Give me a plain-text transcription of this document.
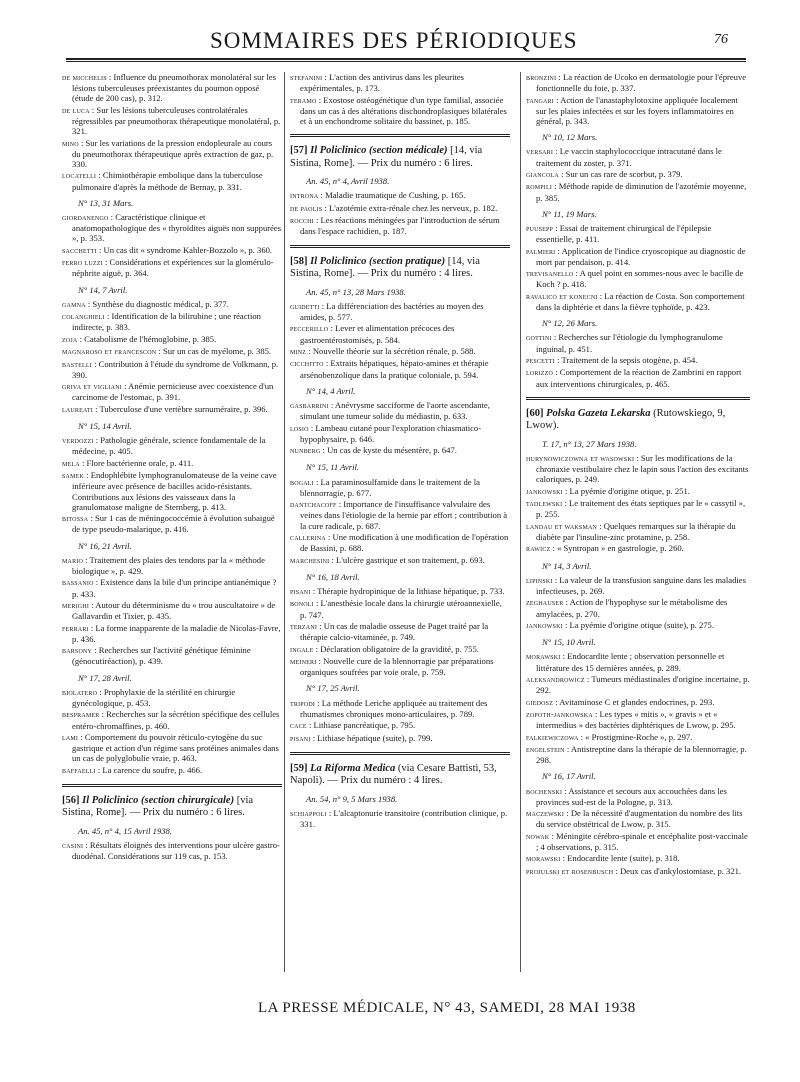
SOMMAIRES DES PÉRIODIQUES	76

de micchelis : Influence du pneumothorax monolatéral sur les lésions tuberculeuses préexistantes du poumon opposé (étude de 200 cas), p. 312.

de luca : Sur les lésions tuberculeuses controlatérales régressibles par pneumothorax thérapeutique monolatéral, p. 321.

mino : Sur les variations de la pression endopleurale au cours du pneumothorax thérapeutique après extraction de gaz, p. 330.

locatelli : Chimiothérapie embolique dans la tuberculose pulmonaire d'après la méthode de Bernay, p. 331.

N° 13, 31 Mars.

giordanengo : Caractéristique clinique et anatomopathologique des « thyroïdites aiguës non suppurées », p. 353.

sacchetti : Un cas dit « syndrome Kahler-Bozzolo », p. 360.

ferro luzzi : Considérations et expériences sur la glomérulo-néphrite aiguë, p. 364.

N° 14, 7 Avril.

gamna : Synthèse du diagnostic médical, p. 377.

colanghieli : Identification de la bilirubine ; une réaction indirecte, p. 383.

zoja : Catabolisme de l'hémoglobine, p. 385.

magnaroso et francescon : Sur un cas de myélome, p. 385.

bastelli : Contribution à l'étude du syndrome de Volkmann, p. 390.

griva et vigliani : Anémie pernicieuse avec coexistence d'un carcinome de l'estomac, p. 391.

laureati : Tuberculose d'une vertèbre surnuméraire, p. 396.

N° 15, 14 Avril.

verdozzi : Pathologie générale, science fondamentale de la médecine, p. 405.

mela : Flore bactérienne orale, p. 411.

samek : Endophlébite lymphogranulomateuse de la veine cave inférieure avec présence de bacilles acido-résistants. Contributions aux lésions des vaisseaux dans la granulomatose maligne de Sternberg, p. 413.

bitossa : Sur 1 cas de méningococcémie à évolution subaiguë de type pseudo-malarique, p. 416.

N° 16, 21 Avril.

mario : Traitement des plaies des tendons par la « méthode biologique », p. 429.

bassanio : Existence dans la bile d'un principe antianémique ? p. 433.

merighi : Autour du déterminisme du « trou auscultatoire » de Gallavardin et Tixier, p. 435.

ferrari : La forme inapparente de la maladie de Nicolas-Favre, p. 436.

barsony : Recherches sur l'activité génétique féminine (génocutiréaction), p. 439.

N° 17, 28 Avril.

biolatero : Prophylaxie de la stérilité en chirurgie gynécologique, p. 453.

bespramer : Recherches sur la sécrétion spécifique des cellules entéro-chromaffines, p. 460.

lami : Comportement du pouvoir réticulo-cytogène du suc gastrique et action d'un régime sans protéines animales dans un cas de polyglobulie vraie, p. 463.

baffaelli : La carence du soufre, p. 466.

[56] Il Policlinico (section chirurgicale) [via Sistina, Rome]. — Prix du numéro : 6 lires.
An. 45, n° 4, 15 Avril 1938.

casini : Résultats éloignés des interventions pour ulcère gastro-duodénal. Considérations sur 119 cas, p. 153.

stefanini : L'action des antivirus dans les pleurites expérimentales, p. 173.

teramo : Exostose ostéogénétique d'un type familial, associée dans un cas à des altérations dischondroplasiques bilatérales et à un enchondrome solitaire du bassinet, p. 185.

[57] Il Policlinico (section médicale) [14, via Sistina, Rome]. — Prix du numéro : 6 lires.
An. 45, n° 4, Avril 1938.

introna : Maladie traumatique de Cushing, p. 165.

de paolis : L'azotémie extra-rénale chez les nerveux, p. 182.

rocchi : Les réactions méningées par l'introduction de sérum dans l'espace rachidien, p. 187.

[58] Il Policlinico (section pratique) [14, via Sistina, Rome]. — Prix du numéro : 4 lires.
An. 45, n° 13, 28 Mars 1938.

guidetti : La différenciation des bactéries au moyen des amides, p. 577.

peccerillo : Lever et alimentation précoces des gastroentérostomisés, p. 584.

minz : Nouvelle théorie sur la sécrétion rénale, p. 588.

cicchitto : Extraits hépatiques, hépato-amines et thérapie arsénobenzolique dans la pratique coloniale, p. 594.

N° 14, 4 Avril.

gasbarrini : Anévrysme sacciforme de l'aorte ascendante, simulant une tumeur solide du médiastin, p. 633.

losio : Lambeau cutané pour l'exploration chiasmatico-hypophysaire, p. 646.

nunberg : Un cas de kyste du mésentère, p. 647.

N° 15, 11 Avril.

bogali : La paraminosulfamide dans le traitement de la blennorragie, p. 677.

dantchacoff : Importance de l'insuffisance valvulaire des veines dans l'étiologie de la hernie par effort ; contribution à la cure radicale, p. 687.

callerina : Une modification à une modification de l'opération de Bassini, p. 688.

marchesini : L'ulcère gastrique et son traitement, p. 693.

N° 16, 18 Avril.

pisani : Thérapie hydropinique de la lithiase hépatique, p. 733.

bonoli : L'anesthésie locale dans la chirurgie utéroannexielle, p. 747.

terzani : Un cas de maladie osseuse de Paget traité par la thérapie calcio-vitaminée, p. 749.

ingale : Déclaration obligatoire de la gravidité, p. 755.

meineri : Nouvelle cure de la blennorragie par préparations organiques soufrées par voie orale, p. 759.

N° 17, 25 Avril.

tripodi : La méthode Leriche appliquée au traitement des rhumatismes chroniques mono-articulaires, p. 789.

cace : Lithiase pancréatique, p. 795.

pisani : Lithiase hépatique (suite), p. 799.

[59] La Riforma Medica (via Cesare Battisti, 53, Napoli). — Prix du numéro : 4 lires.
An. 54, n° 9, 5 Mars 1938.

schiappoli : L'alcaptonurie transitoire (contribution clinique, p. 331.

bronzini : La réaction de Ucoko en dermatologie pour l'épreuve fonctionnelle du foie, p. 337.

tangari : Action de l'anastaphylotoxine appliquée localement sur les plaies infectées et sur les foyers inflammatoires en général, p. 343.

N° 10, 12 Mars.

versari : Le vaccin staphylococcique intracutané dans le traitement du zoster, p. 371.

giancola : Sur un cas rare de scorbut, p. 379.

rompili : Méthode rapide de diminution de l'azotémie moyenne, p. 385.

N° 11, 19 Mars.

puusepp : Essai de traitement chirurgical de l'épilepsie essentielle, p. 411.

palmieri : Application de l'indice cryoscopique au diagnostic de mort par pendaison, p. 414.

trevisanello : A quel point en sommes-nous avec le bacille de Koch ? p. 418.

ravalico et konecni : La réaction de Costa. Son comportement dans la diphtérie et dans la fièvre typhoïde, p. 423.

N° 12, 26 Mars.

gottini : Recherches sur l'étiologie du lymphogranulome inguinal, p. 451.

pescetti : Traitement de la sepsis otogène, p. 454.

lorizzo : Comportement de la réaction de Zambrini en rapport aux interventions chirurgicales, p. 465.

[60] Polska Gazeta Lekarska (Rutowskiego, 9, Lwow).
T. 17, n° 13, 27 Mars 1938.

hurynowiczowna et wasowski : Sur les modifications de la chronaxie vestibulaire chez le lapin sous l'action des excitants caloriques, p. 249.

jankowski : La pyémie d'origine otique, p. 251.

tadlewski : Le traitement des états septiques par le « cassytil », p. 255.

landau et waksman : Quelques remarques sur la thérapie du diabète par l'insuline-zinc protamine, p. 258.

rawicz : « Syntropan » en gastrologie, p. 260.

N° 14, 3 Avril.

lipinski : La valeur de la transfusion sanguine dans les maladies infectieuses, p. 269.

zeghauser : Action de l'hypophyse sur le métabolisme des amylacées, p. 270.

jankowski : La pyémie d'origine otique (suite), p. 275.

N° 15, 10 Avril.

morawski : Endocardite lente ; observation personnelle et littérature des 15 dernières années, p. 289.

aleksandrowicz : Tumeurs médiastinales d'origine incertaine, p. 292.

giedosz : Avitaminose C et glandes endocrines, p. 293.

zopoth-jankowska : Les types « mitis », « gravis » et « intermedius » des bactéries diphtériques de Lwow, p. 295.

falkiewiczowa : « Prostigmine-Roche », p. 297.

engelstein : Antistreptine dans la thérapie de la blennorragie, p. 298.

N° 16, 17 Avril.

bochenski : Assistance et secours aux accouchées dans les provinces sud-est de la Pologne, p. 313.

maczewski : De la nécessité d'augmentation du nombre des lits du service obstétrical de Lwow, p. 315.

nowak : Méningite cérébro-spinale et encéphalite post-vaccinale ; 4 observations, p. 315.

morawski : Endocardite lente (suite), p. 318.

projulski et rosenbusch : Deux cas d'ankylostomiase, p. 321.

LA PRESSE MÉDICALE, N° 43, SAMEDI, 28 MAI 1938
